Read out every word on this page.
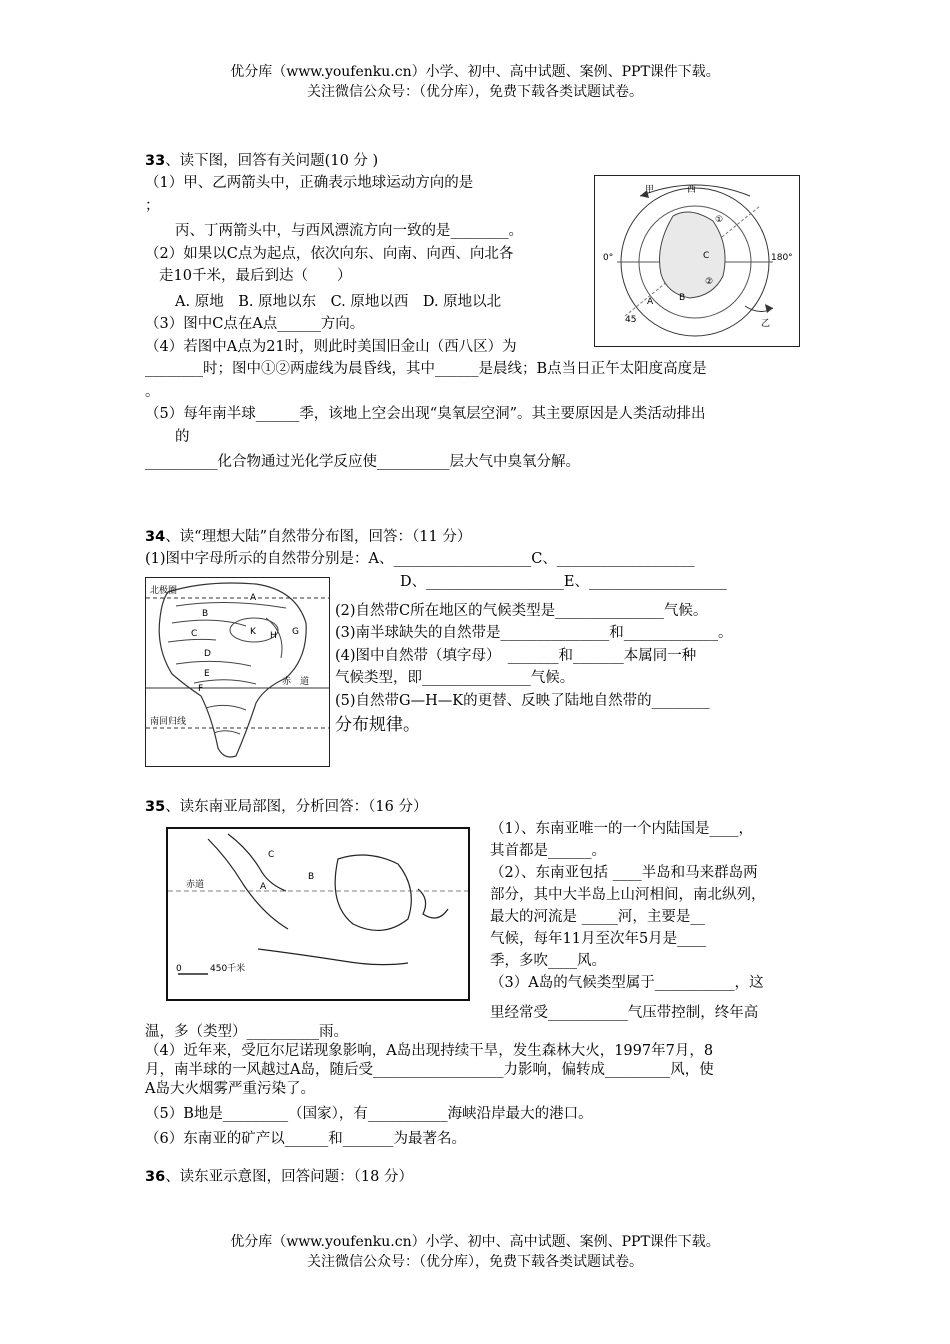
优分库（www.youfenku.cn）小学、初中、高中试题、案例、PPT课件下载。
关注微信公众号：（优分库），免费下载各类试题试卷。

33、读下图，回答有关问题(10 分 )

（1）甲、乙两箭头中，正确表示地球运动方向的是

；

丙、丁两箭头中，与西风漂流方向一致的是________。

（2）如果以C点为起点，依次向东、向南、向西、向北各

走10千米，最后到达（　　）

A. 原地　B. 原地以东　C. 原地以西　D. 原地以北

（3）图中C点在A点______方向。

（4）若图中A点为21时，则此时美国旧金山（西八区）为

________时；图中①②两虚线为晨昏线，其中______是晨线；B点当日正午太阳度高度是

。

（5）每年南半球______季，该地上空会出现“臭氧层空洞”。其主要原因是人类活动排出

的

__________化合物通过光化学反应使__________层大气中臭氧分解。

甲	西
①
C
0°	180°
②
B
A
45	乙

34、读“理想大陆”自然带分布图，回答：（11 分）

(1)图中字母所示的自然带分别是：A、___________________C、___________________

D、___________________E、___________________

(2)自然带C所在地区的气候类型是_______________气候。

(3)南半球缺失的自然带是_______________和_____________。

(4)图中自然带（填字母）　_______和_______本属同一种

气候类型，即_______________气候。

(5)自然带G—H—K的更替、反映了陆地自然带的________

分布规律。

北极圈
A
B
C	K H G
D
E
F
赤　道
南回归线

35、读东南亚局部图，分析回答：（16 分）

（1）、东南亚唯一的一个内陆国是____，

其首都是______。

（2）、东南亚包括 ____半岛和马来群岛两

部分，其中大半岛上山河相间，南北纵列，

最大的河流是 _____河，主要是__

气候，每年11月至次年5月是____

季，多吹____风。

（3）A岛的气候类型属于___________，这

里经常受___________气压带控制，终年高

温，多（类型）__________雨。

（4）近年来，受厄尔尼诺现象影响，A岛出现持续干旱，发生森林大火，1997年7月，8

月，南半球的一风越过A岛，随后受__________________力影响，偏转成_________风，使

A岛大火烟雾严重污染了。

（5）B地是_________（国家），有___________海峡沿岸最大的港口。

（6）东南亚的矿产以______和_______为最著名。

C
B
A
赤道
0	450千米

36、读东亚示意图，回答问题：（18 分）

优分库（www.youfenku.cn）小学、初中、高中试题、案例、PPT课件下载。
关注微信公众号：（优分库），免费下载各类试题试卷。
